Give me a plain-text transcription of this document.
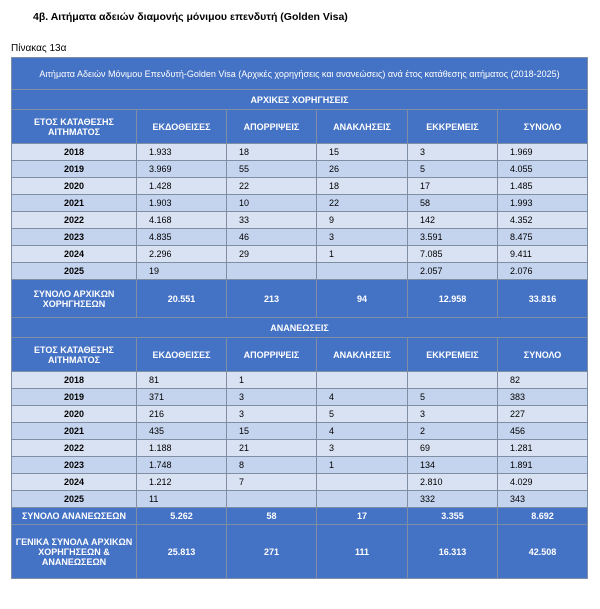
4β. Αιτήματα αδειών διαμονής μόνιμου επενδυτή (Golden Visa)
Πίνακας 13α
Αιτήματα Αδειών Μόνιμου Επενδυτή-Golden Visa (Αρχικές χορηγήσεις και ανανεώσεις) ανά έτος κατάθεσης αιτήματος (2018-2025)					
ΑΡΧΙΚΕΣ ΧΟΡΗΓΗΣΕΙΣ					
ΕΤΟΣ ΚΑΤΑΘΕΣΗΣ ΑΙΤΗΜΑΤΟΣ	ΕΚΔΟΘΕΙΣΕΣ	ΑΠΟΡΡΙΨΕΙΣ	ΑΝΑΚΛΗΣΕΙΣ	ΕΚΚΡΕΜΕΙΣ	ΣΥΝΟΛΟ
2018	1.933	18	15	3	1.969
2019	3.969	55	26	5	4.055
2020	1.428	22	18	17	1.485
2021	1.903	10	22	58	1.993
2022	4.168	33	9	142	4.352
2023	4.835	46	3	3.591	8.475
2024	2.296	29	1	7.085	9.411
2025	19			2.057	2.076
ΣΥΝΟΛΟ ΑΡΧΙΚΩΝ ΧΟΡΗΓΗΣΕΩΝ	20.551	213	94	12.958	33.816
ΑΝΑΝΕΩΣΕΙΣ					
ΕΤΟΣ ΚΑΤΑΘΕΣΗΣ ΑΙΤΗΜΑΤΟΣ	ΕΚΔΟΘΕΙΣΕΣ	ΑΠΟΡΡΙΨΕΙΣ	ΑΝΑΚΛΗΣΕΙΣ	ΕΚΚΡΕΜΕΙΣ	ΣΥΝΟΛΟ
2018	81	1			82
2019	371	3	4	5	383
2020	216	3	5	3	227
2021	435	15	4	2	456
2022	1.188	21	3	69	1.281
2023	1.748	8	1	134	1.891
2024	1.212	7		2.810	4.029
2025	11			332	343
ΣΥΝΟΛΟ ΑΝΑΝΕΩΣΕΩΝ	5.262	58	17	3.355	8.692
ΓΕΝΙΚΑ ΣΥΝΟΛΑ ΑΡΧΙΚΩΝ ΧΟΡΗΓΗΣΕΩΝ & ΑΝΑΝΕΩΣΕΩΝ	25.813	271	111	16.313	42.508
